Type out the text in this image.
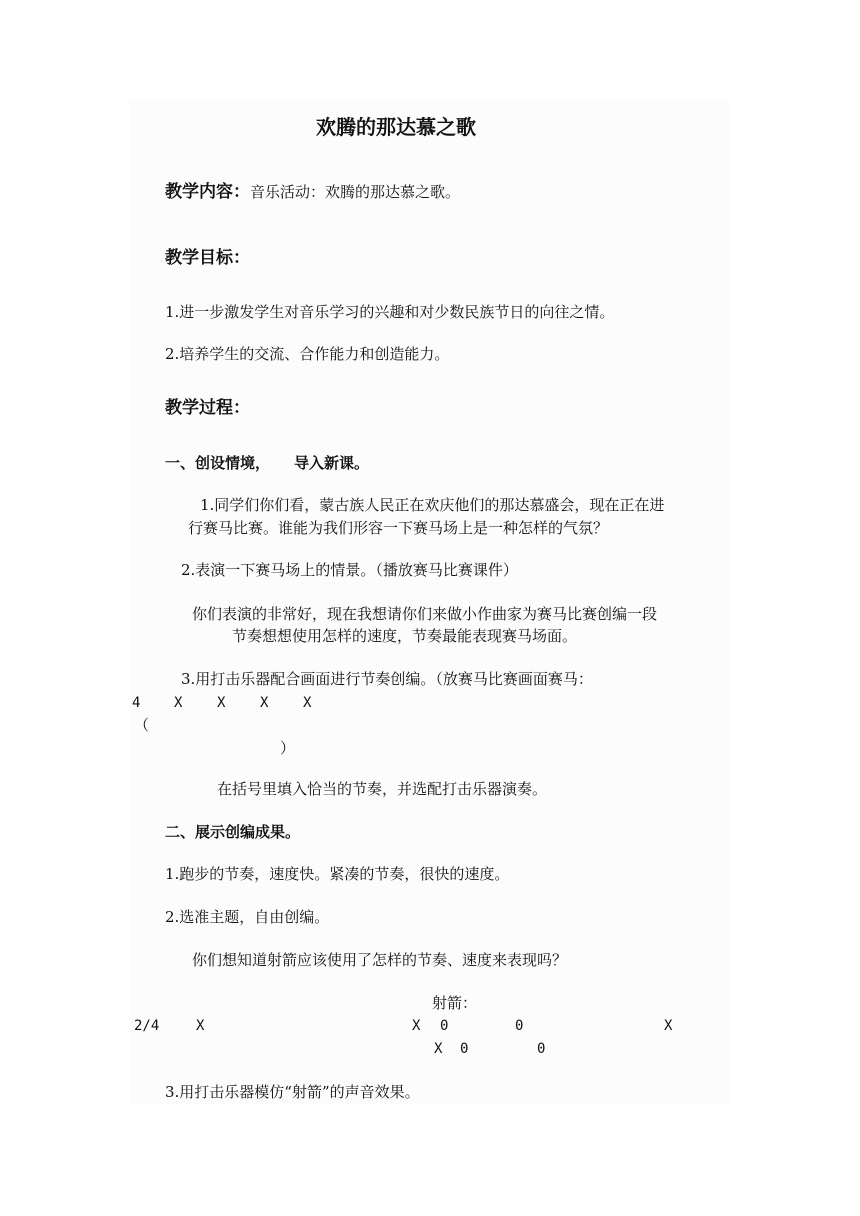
欢腾的那达慕之歌
教学内容：音乐活动：欢腾的那达慕之歌。
教学目标：
1.进一步激发学生对音乐学习的兴趣和对少数民族节日的向往之情。
2.培养学生的交流、合作能力和创造能力。
教学过程：
一、创设情境， 导入新课。
1.同学们你们看，蒙古族人民正在欢庆他们的那达慕盛会，现在正在进
行赛马比赛。谁能为我们形容一下赛马场上是一种怎样的气氛？
2.表演一下赛马场上的情景。（播放赛马比赛课件）
你们表演的非常好，现在我想请你们来做小作曲家为赛马比赛创编一段
节奏想想使用怎样的速度，节奏最能表现赛马场面。
3.用打击乐器配合画面进行节奏创编。（放赛马比赛画面赛马：
4 X X X X
（
）
在括号里填入恰当的节奏，并选配打击乐器演奏。
二、展示创编成果。
1.跑步的节奏，速度快。紧凑的节奏，很快的速度。
2.选准主题，自由创编。
你们想知道射箭应该使用了怎样的节奏、速度来表现吗？
射箭：
2/4	X	X 0	0	X
X 0	0
3.用打击乐器模仿“射箭”的声音效果。
